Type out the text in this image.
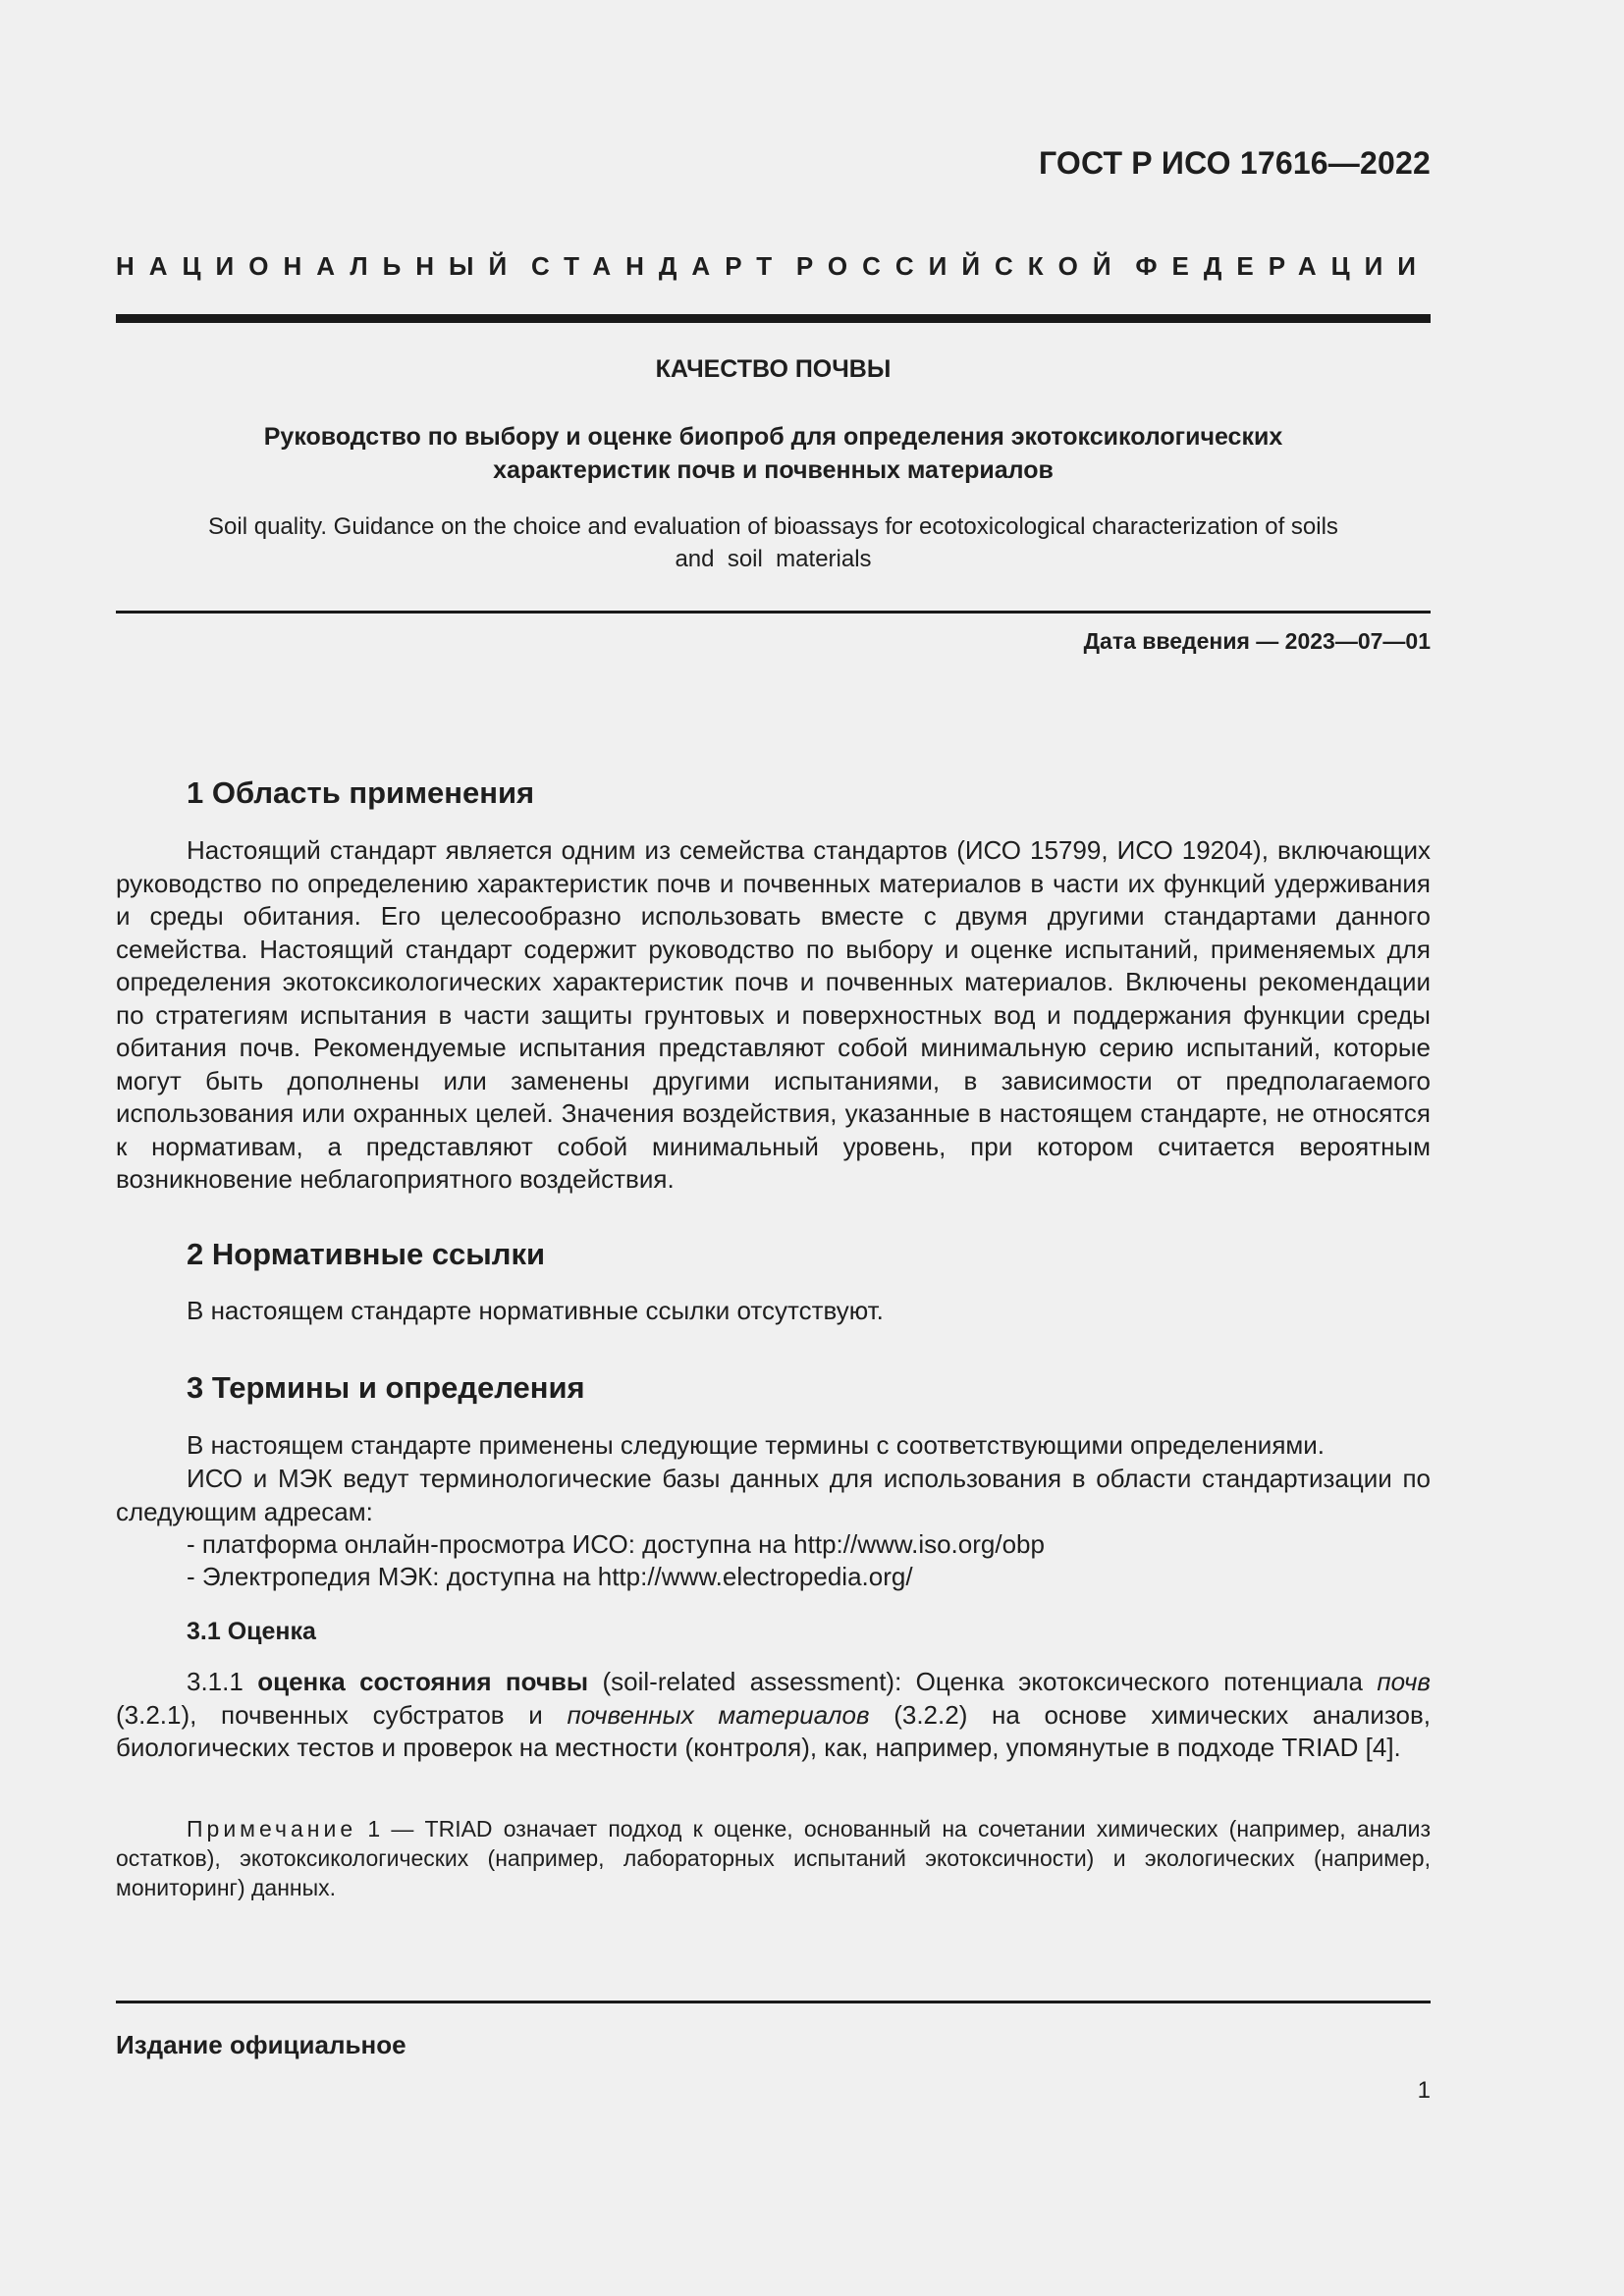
ГОСТ Р ИСО 17616—2022
НАЦИОНАЛЬНЫЙ СТАНДАРТ РОССИЙСКОЙ ФЕДЕРАЦИИ
КАЧЕСТВО ПОЧВЫ
Руководство по выбору и оценке биопроб для определения экотоксикологических
характеристик почв и почвенных материалов
Soil quality. Guidance on the choice and evaluation of bioassays for ecotoxicological characterization of soils
and  soil  materials
Дата введения — 2023—07—01
1 Область применения

Настоящий стандарт является одним из семейства стандартов (ИСО 15799, ИСО 19204), включающих руководство по определению характеристик почв и почвенных материалов в части их функций удерживания и среды обитания. Его целесообразно использовать вместе с двумя другими стандартами данного семейства. Настоящий стандарт содержит руководство по выбору и оценке испытаний, применяемых для определения экотоксикологических характеристик почв и почвенных материалов. Включены рекомендации по стратегиям испытания в части защиты грунтовых и поверхностных вод и поддержания функции среды обитания почв. Рекомендуемые испытания представляют собой минимальную серию испытаний, которые могут быть дополнены или заменены другими испытаниями, в зависимости от предполагаемого использования или охранных целей. Значения воздействия, указанные в настоящем стандарте, не относятся к нормативам, а представляют собой минимальный уровень, при котором считается вероятным возникновение неблагоприятного воздействия.

2 Нормативные ссылки

В настоящем стандарте нормативные ссылки отсутствуют.

3 Термины и определения

В настоящем стандарте применены следующие термины с соответствующими определениями.

ИСО и МЭК ведут терминологические базы данных для использования в области стандартизации по следующим адресам:

- платформа онлайн-просмотра ИСО: доступна на http://www.iso.org/obp
- Электропедия МЭК: доступна на http://www.electropedia.org/
3.1 Оценка

3.1.1 оценка состояния почвы (soil-related assessment): Оценка экотоксического потенциала почв (3.2.1), почвенных субстратов и почвенных материалов (3.2.2) на основе химических анализов, биологических тестов и проверок на местности (контроля), как, например, упомянутые в подходе TRIAD [4].

Примечание 1 — TRIAD означает подход к оценке, основанный на сочетании химических (например, анализ остатков), экотоксикологических (например, лабораторных испытаний экотоксичности) и экологических (например, мониторинг) данных.

Издание официальное
1
